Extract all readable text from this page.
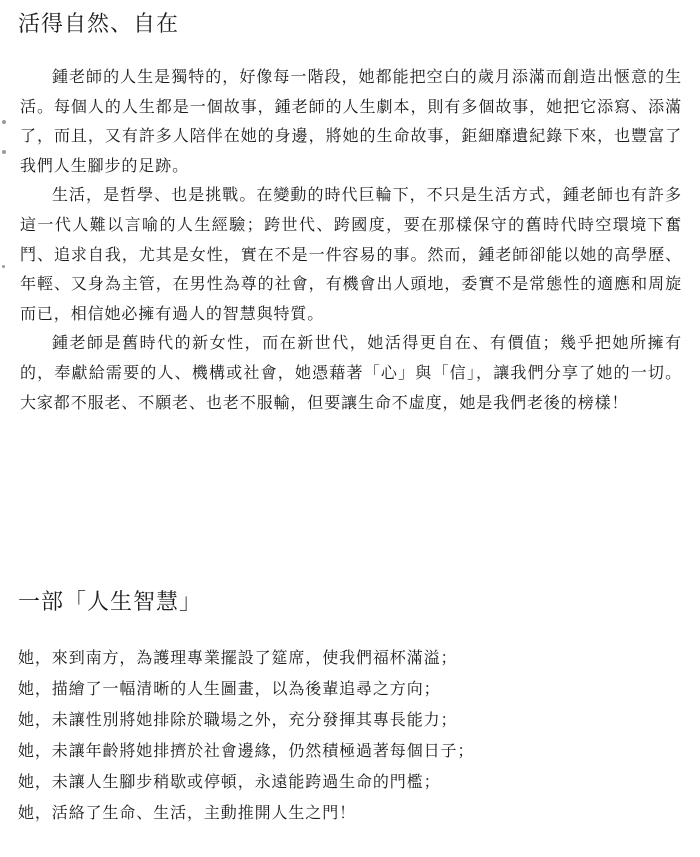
活得自然、自在

鍾老師的人生是獨特的，好像每一階段，她都能把空白的歲月添滿而創造出愜意的生活。每個人的人生都是一個故事，鍾老師的人生劇本，則有多個故事，她把它添寫、添滿了，而且，又有許多人陪伴在她的身邊，將她的生命故事，鉅細靡遺紀錄下來，也豐富了我們人生腳步的足跡。

生活，是哲學、也是挑戰。在變動的時代巨輪下，不只是生活方式，鍾老師也有許多這一代人難以言喻的人生經驗；跨世代、跨國度，要在那樣保守的舊時代時空環境下奮鬥、追求自我，尤其是女性，實在不是一件容易的事。然而，鍾老師卻能以她的高學歷、年輕、又身為主管，在男性為尊的社會，有機會出人頭地，委實不是常態性的適應和周旋而已，相信她必擁有過人的智慧與特質。

鍾老師是舊時代的新女性，而在新世代，她活得更自在、有價值；幾乎把她所擁有的，奉獻給需要的人、機構或社會，她憑藉著「心」與「信」，讓我們分享了她的一切。大家都不服老、不願老、也老不服輸，但要讓生命不虛度，她是我們老後的榜樣！

一部「人生智慧」
她，來到南方，為護理專業擺設了筵席，使我們福杯滿溢；
她，描繪了一幅清晰的人生圖畫，以為後輩追尋之方向；
她，未讓性別將她排除於職場之外，充分發揮其專長能力；
她，未讓年齡將她排擠於社會邊緣，仍然積極過著每個日子；
她，未讓人生腳步稍歇或停頓，永遠能跨過生命的門檻；
她，活絡了生命、生活，主動推開人生之門！
